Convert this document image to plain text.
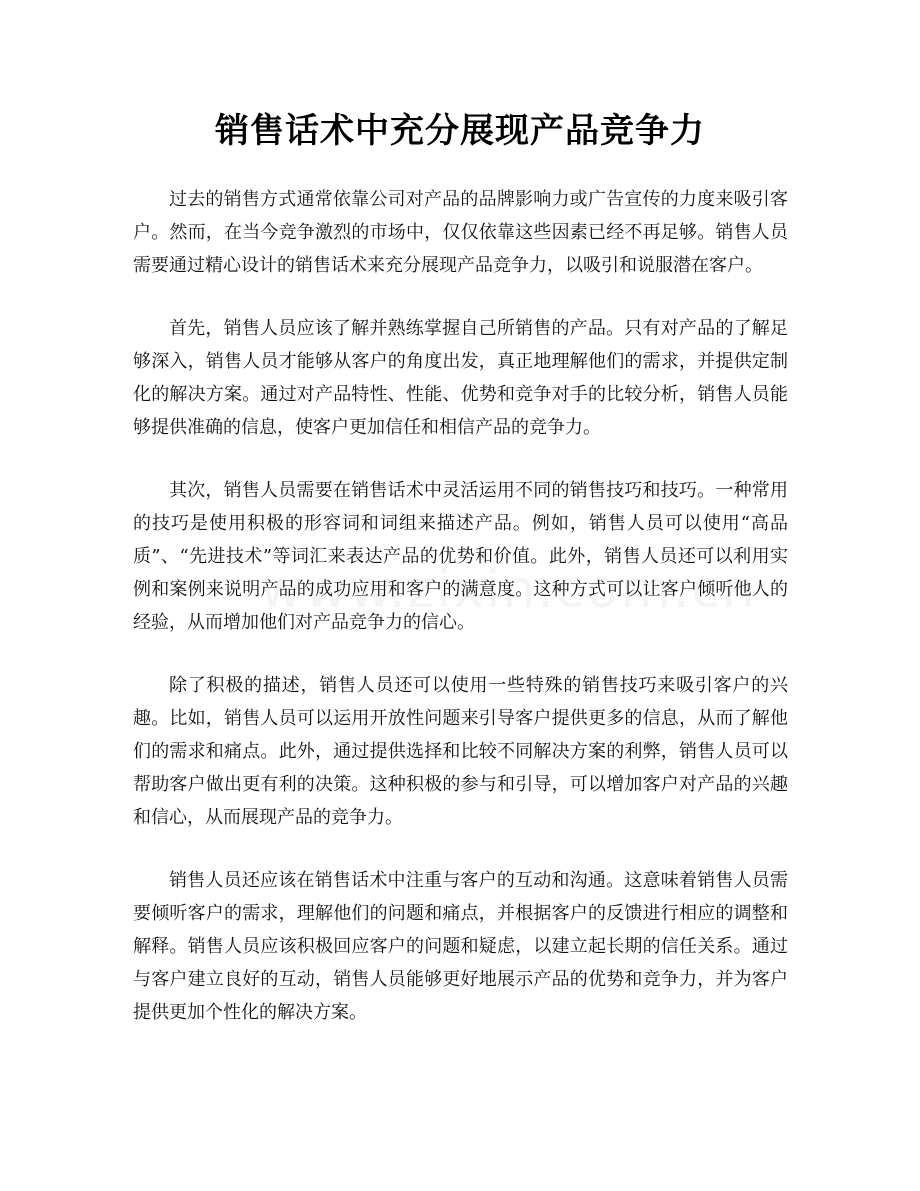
销售话术中充分展现产品竞争力

过去的销售方式通常依靠公司对产品的品牌影响力或广告宣传的力度来吸引客户。然而，在当今竞争激烈的市场中，仅仅依靠这些因素已经不再足够。销售人员需要通过精心设计的销售话术来充分展现产品竞争力，以吸引和说服潜在客户。

首先，销售人员应该了解并熟练掌握自己所销售的产品。只有对产品的了解足够深入，销售人员才能够从客户的角度出发，真正地理解他们的需求，并提供定制化的解决方案。通过对产品特性、性能、优势和竞争对手的比较分析，销售人员能够提供准确的信息，使客户更加信任和相信产品的竞争力。

其次，销售人员需要在销售话术中灵活运用不同的销售技巧和技巧。一种常用的技巧是使用积极的形容词和词组来描述产品。例如，销售人员可以使用“高品质”、“先进技术”等词汇来表达产品的优势和价值。此外，销售人员还可以利用实例和案例来说明产品的成功应用和客户的满意度。这种方式可以让客户倾听他人的经验，从而增加他们对产品竞争力的信心。

除了积极的描述，销售人员还可以使用一些特殊的销售技巧来吸引客户的兴趣。比如，销售人员可以运用开放性问题来引导客户提供更多的信息，从而了解他们的需求和痛点。此外，通过提供选择和比较不同解决方案的利弊，销售人员可以帮助客户做出更有利的决策。这种积极的参与和引导，可以增加客户对产品的兴趣和信心，从而展现产品的竞争力。

销售人员还应该在销售话术中注重与客户的互动和沟通。这意味着销售人员需要倾听客户的需求，理解他们的问题和痛点，并根据客户的反馈进行相应的调整和解释。销售人员应该积极回应客户的问题和疑虑，以建立起长期的信任关系。通过与客户建立良好的互动，销售人员能够更好地展示产品的优势和竞争力，并为客户提供更加个性化的解决方案。
